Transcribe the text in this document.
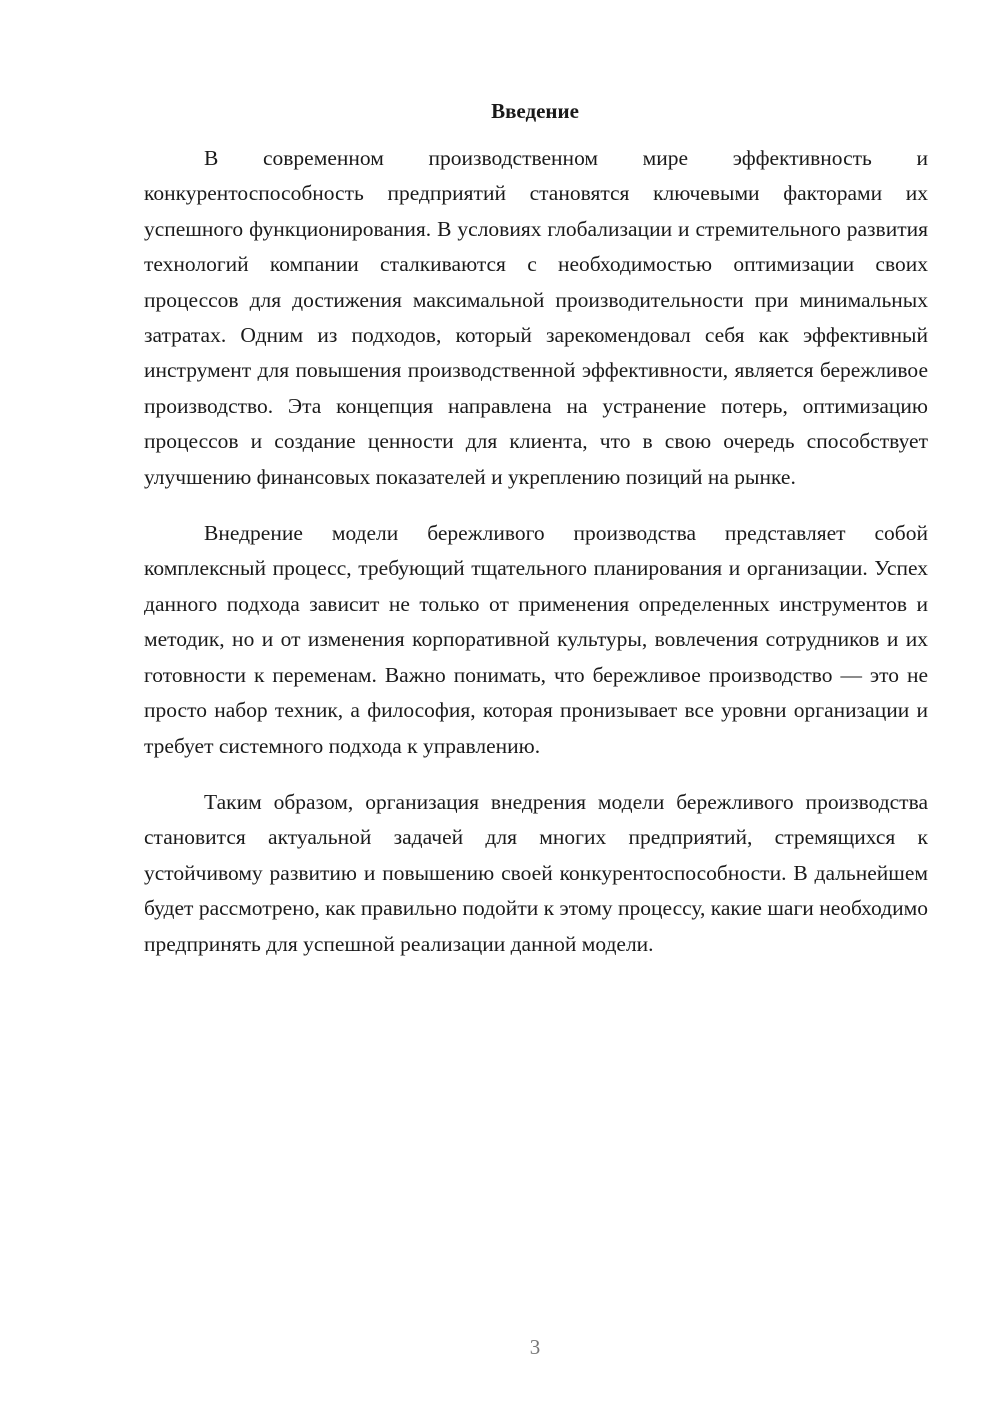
Введение

В современном производственном мире эффективность и конкурентоспособность предприятий становятся ключевыми факторами их успешного функционирования. В условиях глобализации и стремительного развития технологий компании сталкиваются с необходимостью оптимизации своих процессов для достижения максимальной производительности при минимальных затратах. Одним из подходов, который зарекомендовал себя как эффективный инструмент для повышения производственной эффективности, является бережливое производство. Эта концепция направлена на устранение потерь, оптимизацию процессов и создание ценности для клиента, что в свою очередь способствует улучшению финансовых показателей и укреплению позиций на рынке.

Внедрение модели бережливого производства представляет собой комплексный процесс, требующий тщательного планирования и организации. Успех данного подхода зависит не только от применения определенных инструментов и методик, но и от изменения корпоративной культуры, вовлечения сотрудников и их готовности к переменам. Важно понимать, что бережливое производство — это не просто набор техник, а философия, которая пронизывает все уровни организации и требует системного подхода к управлению.

Таким образом, организация внедрения модели бережливого производства становится актуальной задачей для многих предприятий, стремящихся к устойчивому развитию и повышению своей конкурентоспособности. В дальнейшем будет рассмотрено, как правильно подойти к этому процессу, какие шаги необходимо предпринять для успешной реализации данной модели.

3
